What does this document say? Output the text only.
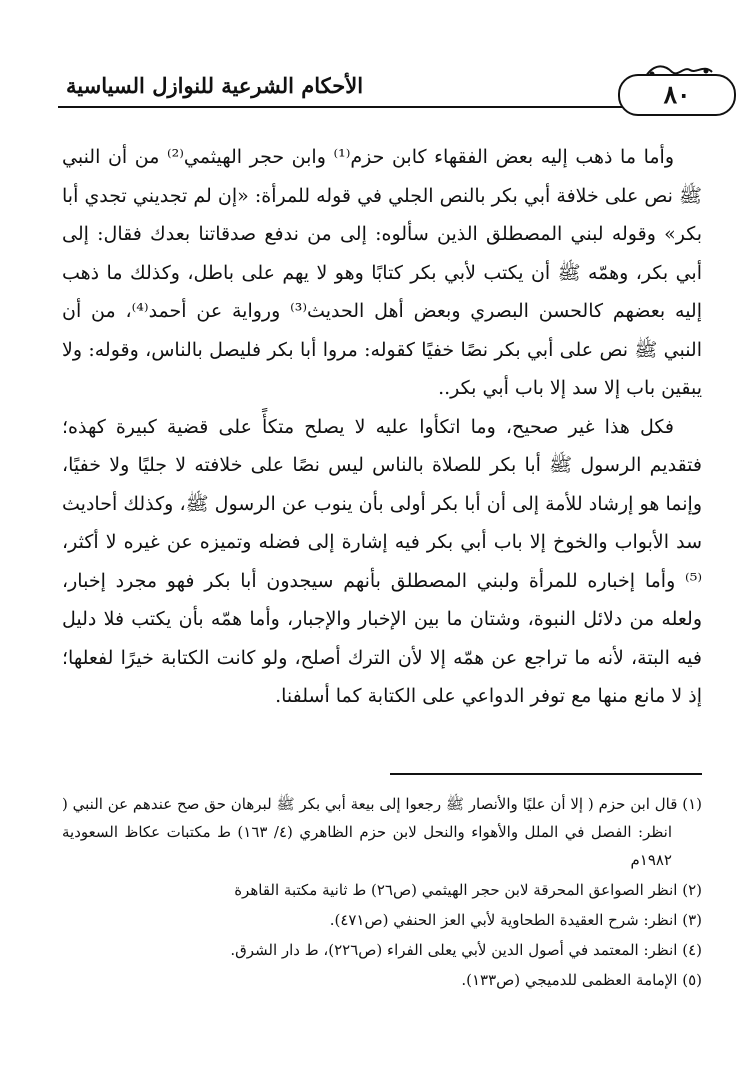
الأحكام الشرعية للنوازل السياسية	٨٠

وأما ما ذهب إليه بعض الفقهاء كابن حزم⁽¹⁾ وابن حجر الهيثمي⁽²⁾ من أن النبي ﷺ نص على خلافة أبي بكر بالنص الجلي في قوله للمرأة: «إن لم تجديني تجدي أبا بكر» وقوله لبني المصطلق الذين سألوه: إلى من ندفع صدقاتنا بعدك فقال: إلى أبي بكر، وهمّه ﷺ أن يكتب لأبي بكر كتابًا وهو لا يهم على باطل، وكذلك ما ذهب إليه بعضهم كالحسن البصري وبعض أهل الحديث⁽³⁾ ورواية عن أحمد⁽⁴⁾، من أن النبي ﷺ نص على أبي بكر نصًا خفيًا كقوله: مروا أبا بكر فليصل بالناس، وقوله: ولا يبقين باب إلا سد إلا باب أبي بكر..

فكل هذا غير صحيح، وما اتكأوا عليه لا يصلح متكأً على قضية كبيرة كهذه؛ فتقديم الرسول ﷺ أبا بكر للصلاة بالناس ليس نصًا على خلافته لا جليًا ولا خفيًا، وإنما هو إرشاد للأمة إلى أن أبا بكر أولى بأن ينوب عن الرسول ﷺ، وكذلك أحاديث سد الأبواب والخوخ إلا باب أبي بكر فيه إشارة إلى فضله وتميزه عن غيره لا أكثر،⁽⁵⁾ وأما إخباره للمرأة ولبني المصطلق بأنهم سيجدون أبا بكر فهو مجرد إخبار، ولعله من دلائل النبوة، وشتان ما بين الإخبار والإجبار، وأما همّه بأن يكتب فلا دليل فيه البتة، لأنه ما تراجع عن همّه إلا لأن الترك أصلح، ولو كانت الكتابة خيرًا لفعلها؛ إذ لا مانع منها مع توفر الدواعي على الكتابة كما أسلفنا.

(١) قال ابن حزم ( إلا أن عليًا والأنصار ﷺ رجعوا إلى بيعة أبي بكر ﷺ لبرهان حق صح عندهم عن النبي ( انظر: الفصل في الملل والأهواء والنحل لابن حزم الظاهري (٤/ ١٦٣) ط مكتبات عكاظ السعودية ١٩٨٢م

(٢) انظر الصواعق المحرقة لابن حجر الهيثمي (ص٢٦) ط ثانية مكتبة القاهرة

(٣) انظر: شرح العقيدة الطحاوية لأبي العز الحنفي (ص٤٧١).

(٤) انظر: المعتمد في أصول الدين لأبي يعلى الفراء (ص٢٢٦)، ط دار الشرق.

(٥) الإمامة العظمى للدميجي (ص١٣٣).
